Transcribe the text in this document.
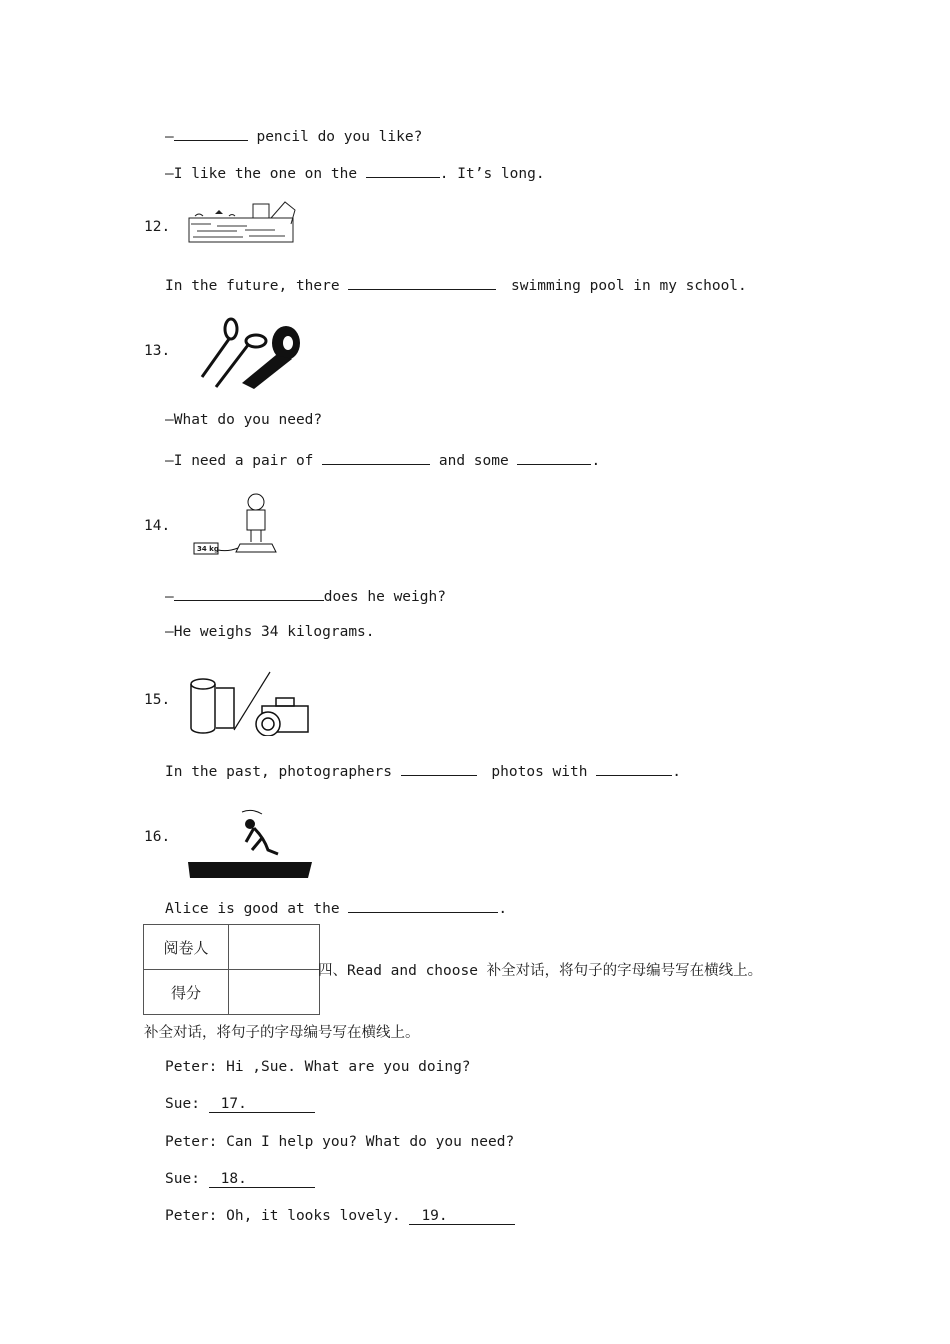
—	pencil do you like?
—I like the one on the	. It’s long.
12.
In the future, there	swimming pool in my school.
13.
—What do you need?
—I need a pair of	and some	.
14.
34 kg
—	does he weigh?
—He weighs 34 kilograms.
15.
In the past, photographers	photos with	.
16.
Alice is good at the	.
阅卷人	
得分	
四、Read and choose 补全对话，将句子的字母编号写在横线上。
补全对话，将句子的字母编号写在横线上。
Peter: Hi ,Sue. What are you doing?
Sue: 17.
Peter: Can I help you? What do you need?
Sue: 18.
Peter: Oh, it looks lovely. 19.
